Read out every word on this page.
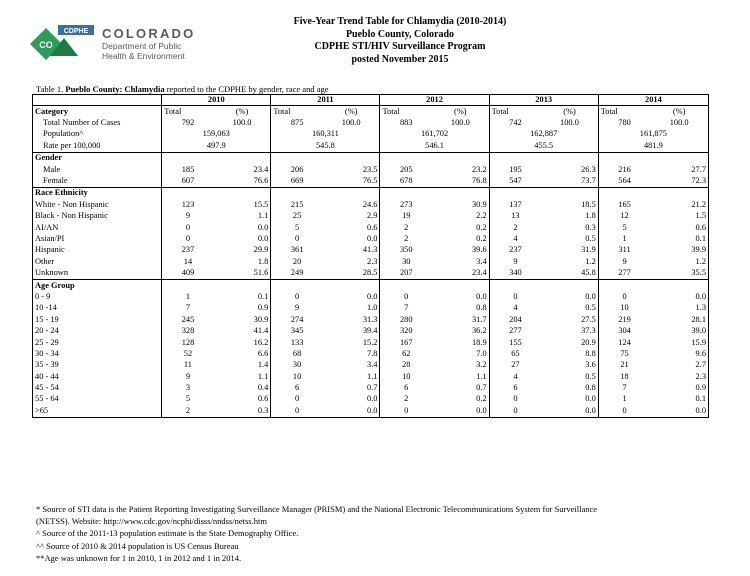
CDPHE
CO
COLORADO
Department of Public
Health & Environment
Five-Year Trend Table for Chlamydia (2010-2014)
Pueblo County, Colorado
CDPHE STI/HIV Surveillance Program
posted November 2015
Table 1. Pueblo County: Chlamydia reported to the CDPHE by gender, race and age
	2010		2011		2012		2013		2014	
Category	Total	(%)	Total	(%)	Total	(%)	Total	(%)	Total	(%)
Total Number of Cases	792	100.0	875	100.0	883	100.0	742	100.0	780	100.0
Population^	159,063		160,311		161,702		162,887		161,875	
Rate per 100,000	497.9		545.8		546.1		455.5		481.9	
Gender										
Male	185	23.4	206	23.5	205	23.2	195	26.3	216	27.7
Female	607	76.6	669	76.5	678	76.8	547	73.7	564	72.3
Race Ethnicity										
White - Non Hispanic	123	15.5	215	24.6	273	30.9	137	18.5	165	21.2
Black - Non Hispanic	9	1.1	25	2.9	19	2.2	13	1.8	12	1.5
AI/AN	0	0.0	5	0.6	2	0.2	2	0.3	5	0.6
Asian/PI	0	0.0	0	0.0	2	0.2	4	0.5	1	0.1
Hispanic	237	29.9	361	41.3	350	39.6	237	31.9	311	39.9
Other	14	1.8	20	2.3	30	3.4	9	1.2	9	1.2
Unknown	409	51.6	249	28.5	207	23.4	340	45.8	277	35.5
Age Group										
0 - 9	1	0.1	0	0.0	0	0.0	0	0.0	0	0.0
10 -14	7	0.9	9	1.0	7	0.8	4	0.5	10	1.3
15 - 19	245	30.9	274	31.3	280	31.7	204	27.5	219	28.1
20 - 24	328	41.4	345	39.4	320	36.2	277	37.3	304	39.0
25 - 29	128	16.2	133	15.2	167	18.9	155	20.9	124	15.9
30 - 34	52	6.6	68	7.8	62	7.0	65	8.8	75	9.6
35 - 39	11	1.4	30	3.4	28	3.2	27	3.6	21	2.7
40 - 44	9	1.1	10	1.1	10	1.1	4	0.5	18	2.3
45 - 54	3	0.4	6	0.7	6	0.7	6	0.8	7	0.9
55 - 64	5	0.6	0	0.0	2	0.2	0	0.0	1	0.1
>65	2	0.3	0	0.0	0	0.0	0	0.0	0	0.0
* Source of STI data is the Patient Reporting Investigating Surveillance Manager (PRISM) and the National Electronic Telecommunications System for Surveillance
(NETSS). Website: http://www.cdc.gov/ncphi/disss/nndss/netss.htm
^ Source of the 2011-13 population estimate is the State Demography Office.
^^ Source of 2010 & 2014 population is US Census Bureau
**Age was unknown for 1 in 2010, 1 in 2012 and 1 in 2014.
